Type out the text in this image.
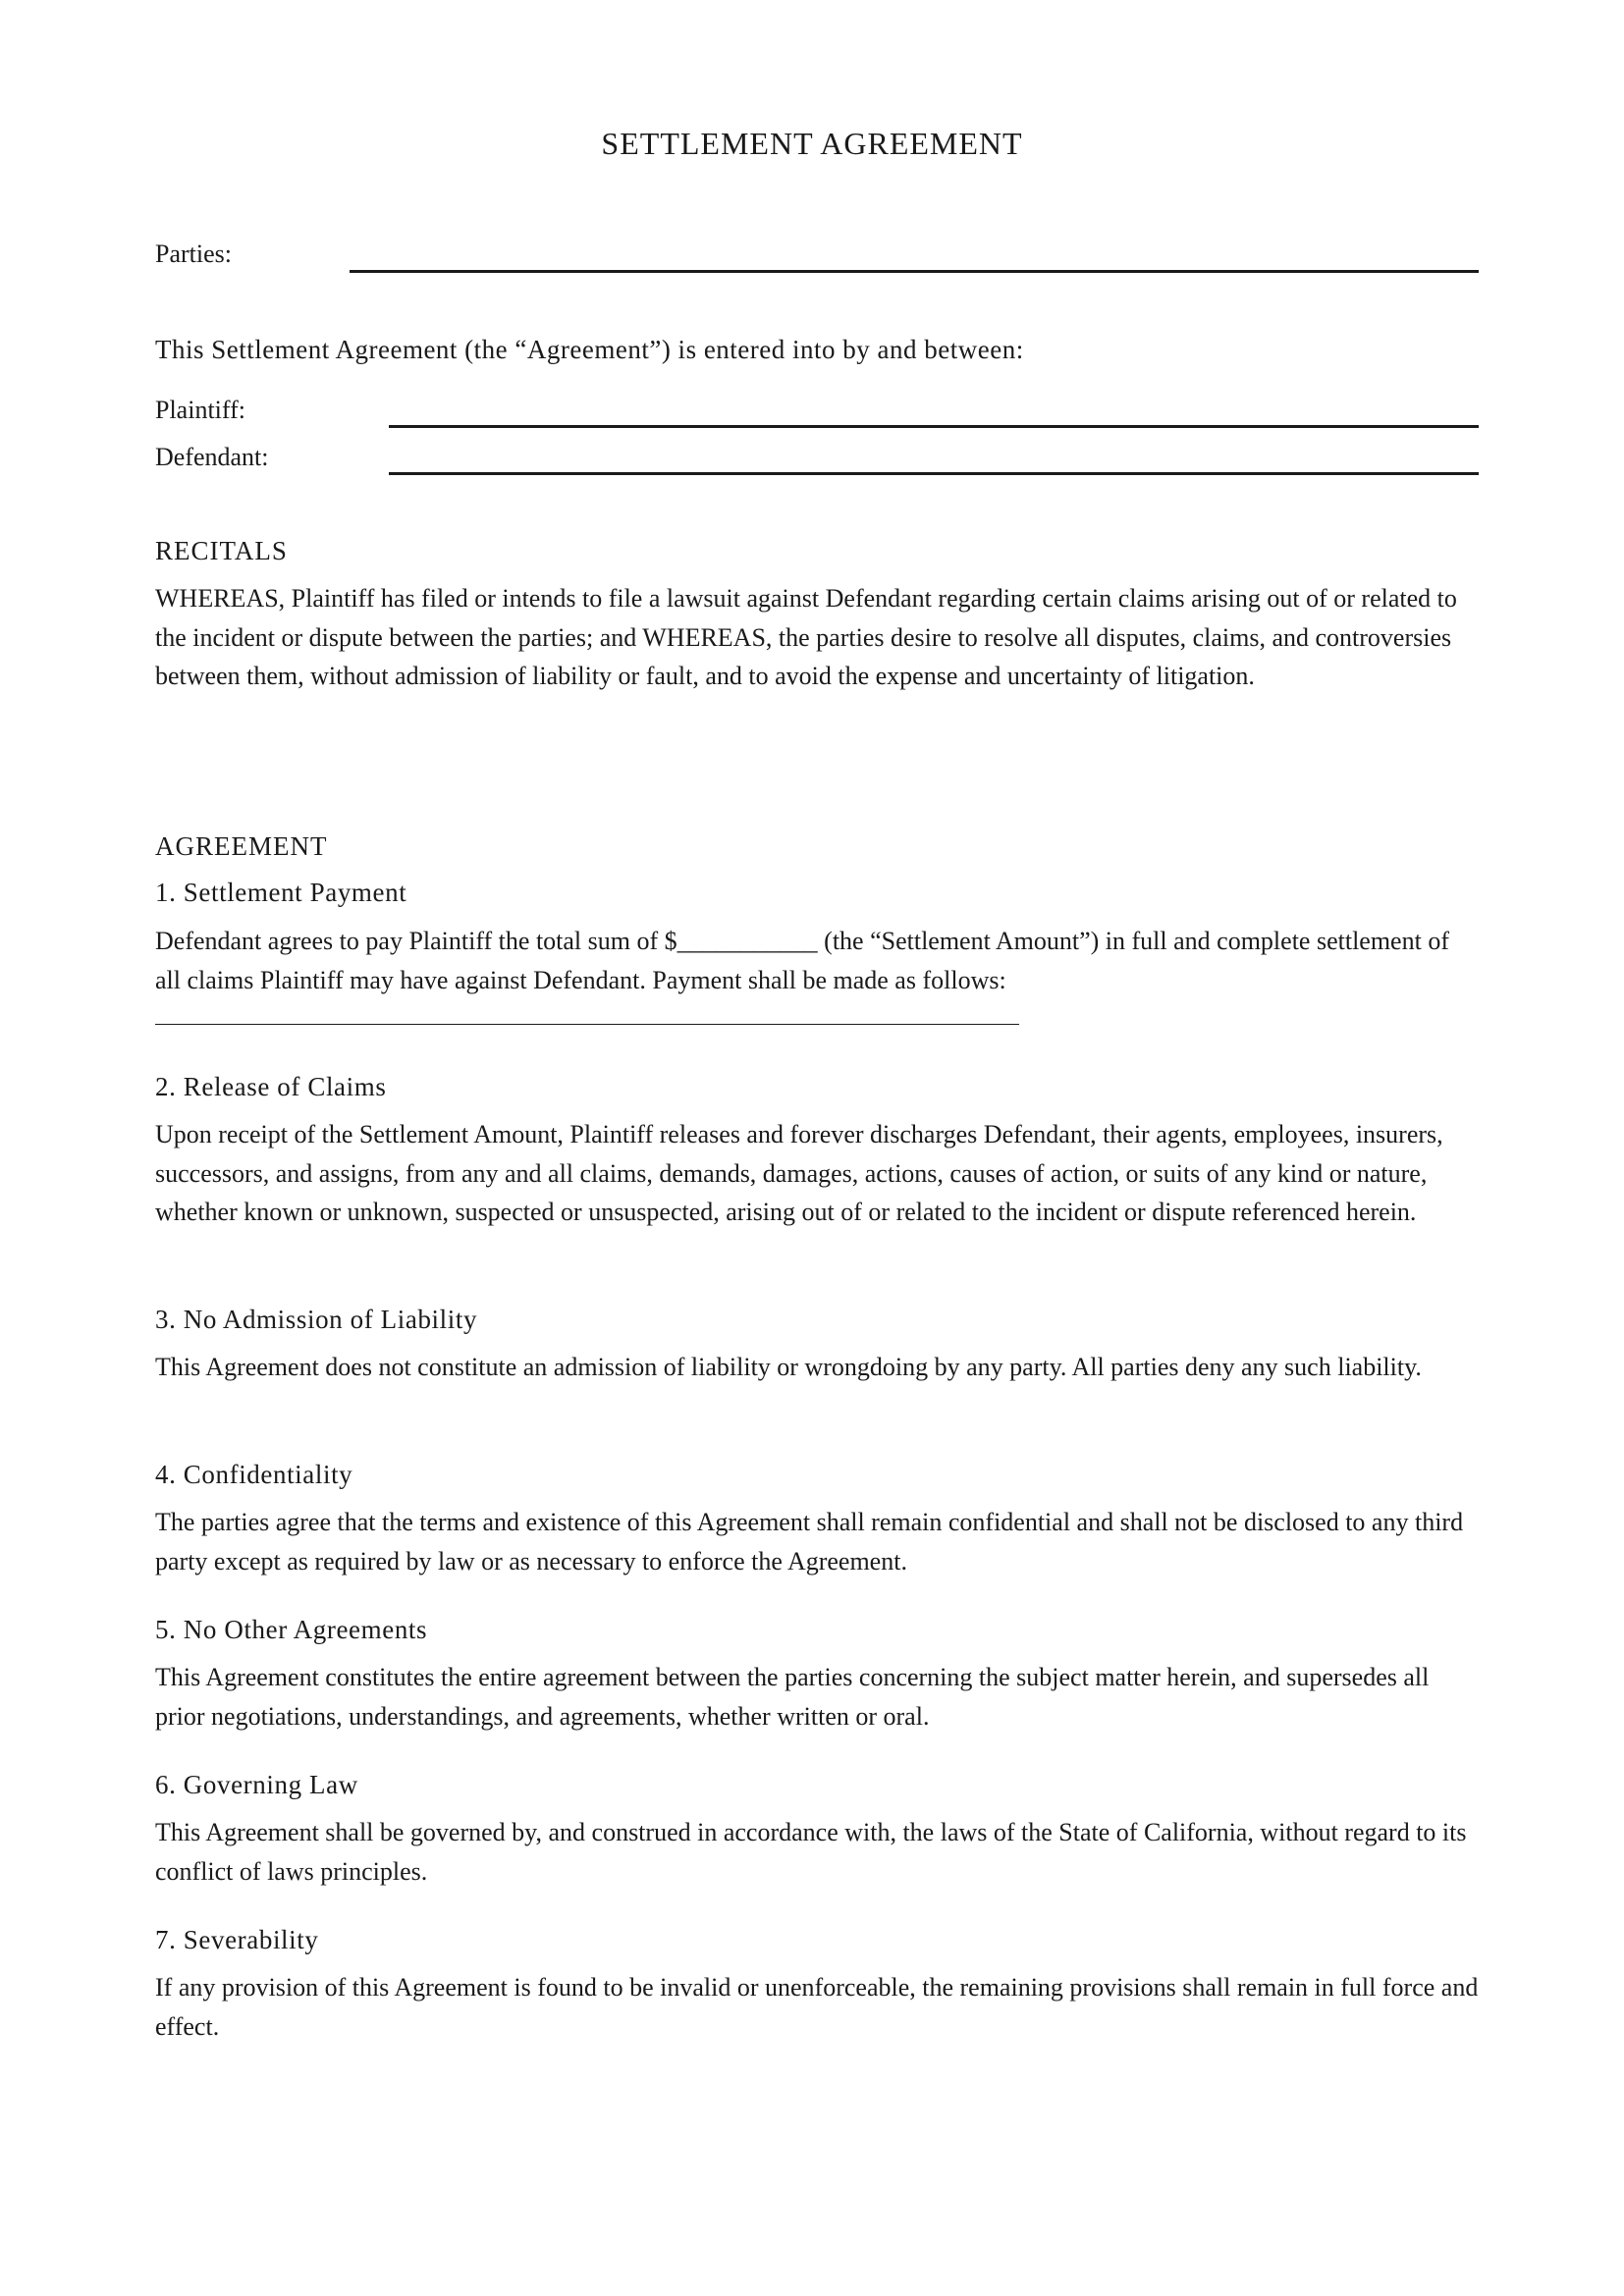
SETTLEMENT AGREEMENT
Parties:
This Settlement Agreement (the “Agreement”) is entered into by and between:
Plaintiff:
Defendant:
RECITALS

WHEREAS, Plaintiff has filed or intends to file a lawsuit against Defendant regarding certain claims arising out of or related to the incident or dispute between the parties; and WHEREAS, the parties desire to resolve all disputes, claims, and controversies between them, without admission of liability or fault, and to avoid the expense and uncertainty of litigation.

AGREEMENT
1. Settlement Payment

Defendant agrees to pay Plaintiff the total sum of $___________ (the “Settlement Amount”) in full and complete settlement of all claims Plaintiff may have against Defendant. Payment shall be made as follows:

2. Release of Claims

Upon receipt of the Settlement Amount, Plaintiff releases and forever discharges Defendant, their agents, employees, insurers, successors, and assigns, from any and all claims, demands, damages, actions, causes of action, or suits of any kind or nature, whether known or unknown, suspected or unsuspected, arising out of or related to the incident or dispute referenced herein.

3. No Admission of Liability

This Agreement does not constitute an admission of liability or wrongdoing by any party. All parties deny any such liability.

4. Confidentiality

The parties agree that the terms and existence of this Agreement shall remain confidential and shall not be disclosed to any third party except as required by law or as necessary to enforce the Agreement.

5. No Other Agreements

This Agreement constitutes the entire agreement between the parties concerning the subject matter herein, and supersedes all prior negotiations, understandings, and agreements, whether written or oral.

6. Governing Law

This Agreement shall be governed by, and construed in accordance with, the laws of the State of California, without regard to its conflict of laws principles.

7. Severability

If any provision of this Agreement is found to be invalid or unenforceable, the remaining provisions shall remain in full force and effect.
